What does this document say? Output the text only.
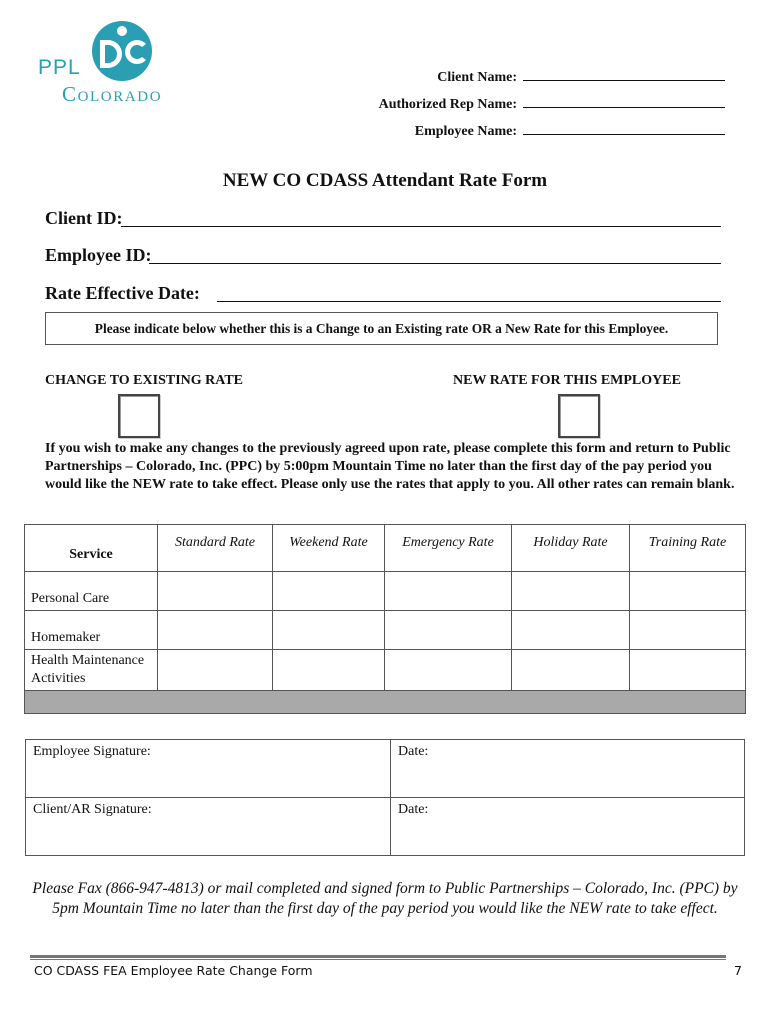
PPL
Colorado
Client Name:
Authorized Rep Name:
Employee Name:
NEW CO CDASS Attendant Rate Form
Client ID:
Employee ID:
Rate Effective Date:
Please indicate below whether this is a Change to an Existing rate OR a New Rate for this Employee.
CHANGE TO EXISTING RATE	NEW RATE FOR THIS EMPLOYEE
If you wish to make any changes to the previously agreed upon rate, please complete this form and return to Public Partnerships – Colorado, Inc. (PPC) by 5:00pm Mountain Time no later than the first day of the pay period you would like the NEW rate to take effect. Please only use the rates that apply to you. All other rates can remain blank.
Service	Standard Rate	Weekend Rate	Emergency Rate	Holiday Rate	Training Rate
Personal Care					
Homemaker					
Health Maintenance Activities					

Employee Signature:	Date:
Client/AR Signature:	Date:
Please Fax (866-947-4813) or mail completed and signed form to Public Partnerships – Colorado, Inc. (PPC) by 5pm Mountain Time no later than the first day of the pay period you would like the NEW rate to take effect.
CO CDASS FEA Employee Rate Change Form	7
